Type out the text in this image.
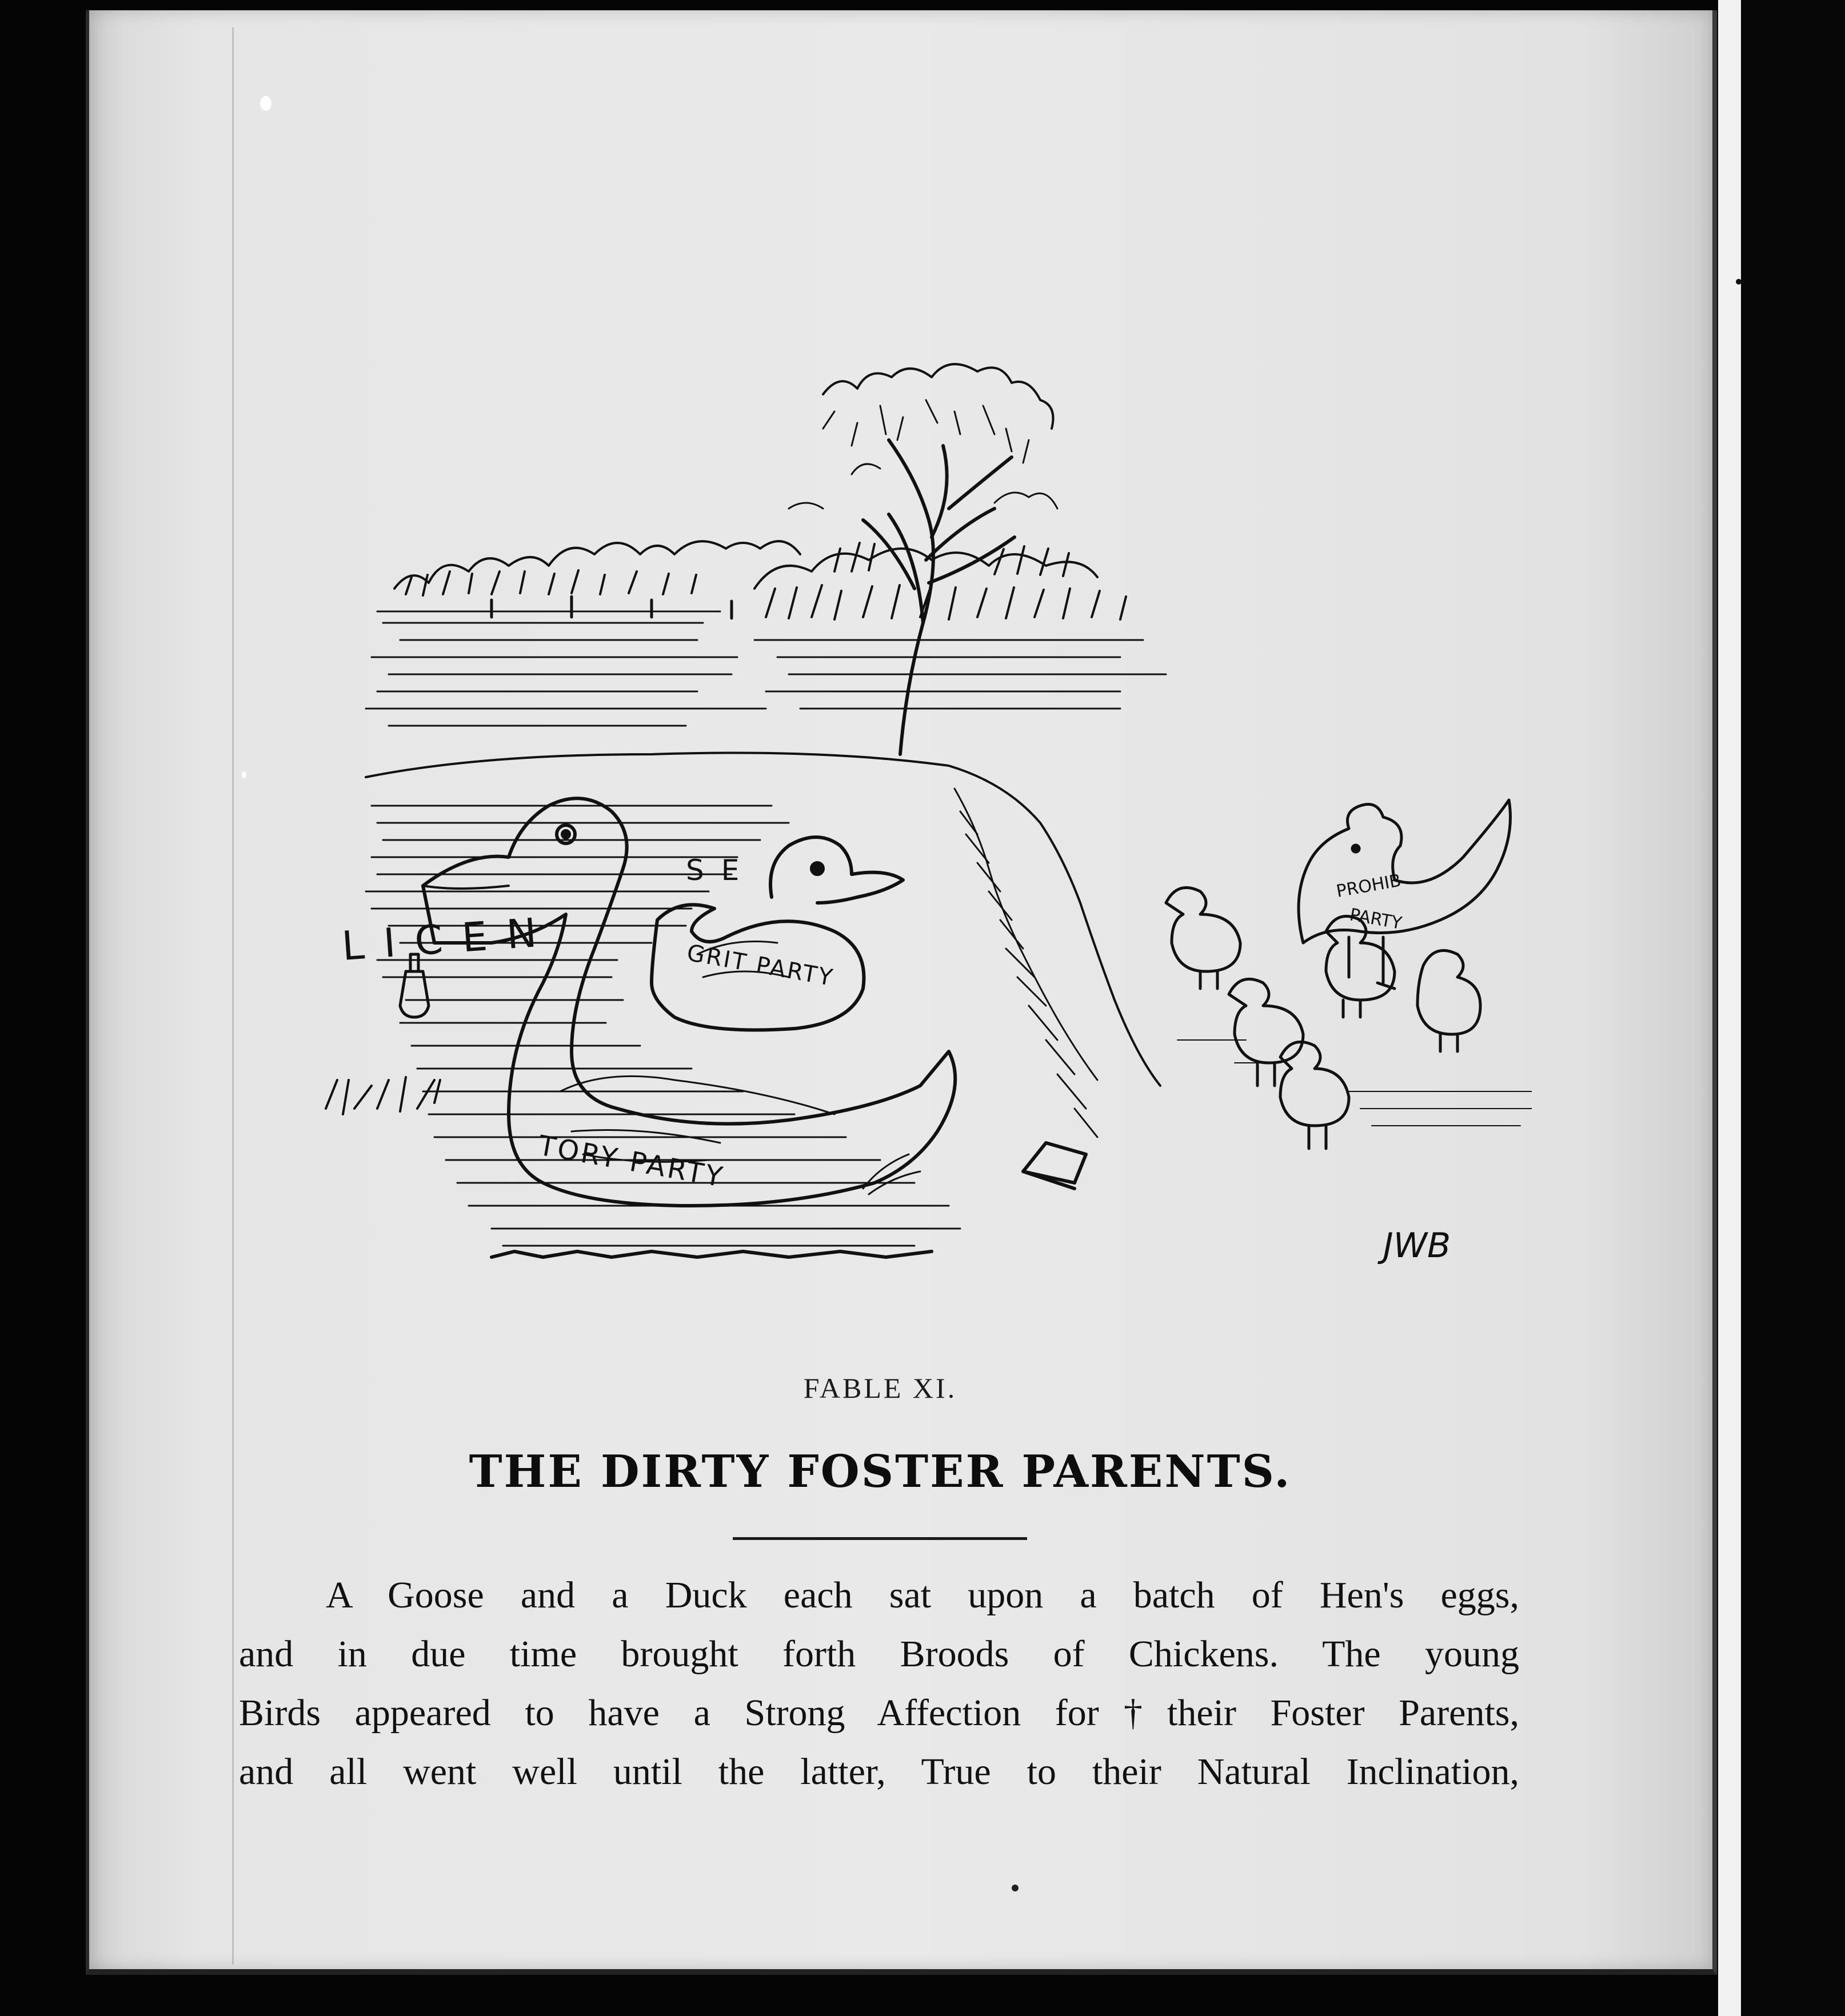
LICEN
SE
TORY PARTY
GRIT PARTY
PROHIB
PARTY
JWB
FABLE XI.
THE DIRTY FOSTER PARENTS.
A Goose and a Duck each sat upon a batch of Hen's eggs,
and in due time brought forth Broods of Chickens. The young
Birds appeared to have a Strong Affection for†their Foster Parents,
and all went well until the latter, True to their Natural Inclination,
